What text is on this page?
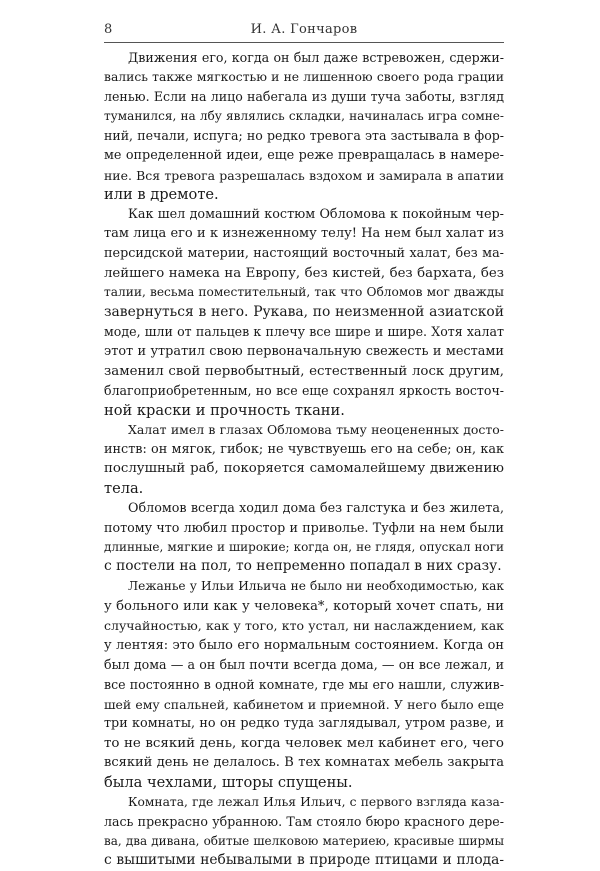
8	И. А. Гончаров
Движения его, когда он был даже встревожен, сдержи-
вались также мягкостью и не лишенною своего рода грации
ленью. Если на лицо набегала из души туча заботы, взгляд
туманился, на лбу являлись складки, начиналась игра сомне-
ний, печали, испуга; но редко тревога эта застывала в фор-
ме определенной идеи, еще реже превращалась в намере-
ние. Вся тревога разрешалась вздохом и замирала в апатии
или в дремоте.
Как шел домашний костюм Обломова к покойным чер-
там лица его и к изнеженному телу! На нем был халат из
персидской материи, настоящий восточный халат, без ма-
лейшего намека на Европу, без кистей, без бархата, без
талии, весьма поместительный, так что Обломов мог дважды
завернуться в него. Рукава, по неизменной азиатской
моде, шли от пальцев к плечу все шире и шире. Хотя халат
этот и утратил свою первоначальную свежесть и местами
заменил свой первобытный, естественный лоск другим,
благоприобретенным, но все еще сохранял яркость восточ-
ной краски и прочность ткани.
Халат имел в глазах Обломова тьму неоцененных досто-
инств: он мягок, гибок; не чувствуешь его на себе; он, как
послушный раб, покоряется самомалейшему движению
тела.
Обломов всегда ходил дома без галстука и без жилета,
потому что любил простор и приволье. Туфли на нем были
длинные, мягкие и широкие; когда он, не глядя, опускал ноги
с постели на пол, то непременно попадал в них сразу.
Лежанье у Ильи Ильича не было ни необходимостью, как
у больного или как у человека*, который хочет спать, ни
случайностью, как у того, кто устал, ни наслаждением, как
у лентяя: это было его нормальным состоянием. Когда он
был дома — а он был почти всегда дома, — он все лежал, и
все постоянно в одной комнате, где мы его нашли, служив-
шей ему спальней, кабинетом и приемной. У него было еще
три комнаты, но он редко туда заглядывал, утром разве, и
то не всякий день, когда человек мел кабинет его, чего
всякий день не делалось. В тех комнатах мебель закрыта
была чехлами, шторы спущены.
Комната, где лежал Илья Ильич, с первого взгляда каза-
лась прекрасно убранною. Там стояло бюро красного дере-
ва, два дивана, обитые шелковою материею, красивые ширмы
с вышитыми небывалыми в природе птицами и плода-
